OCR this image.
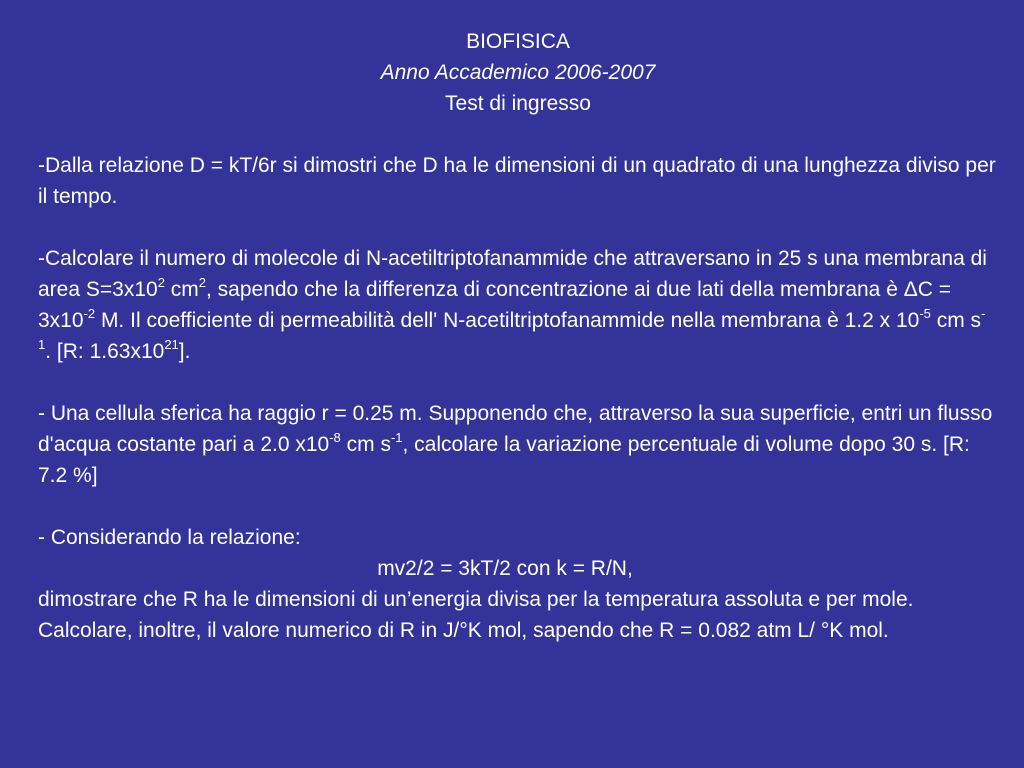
BIOFISICA
Anno Accademico 2006-2007
Test di ingresso

-Dalla relazione D = kT/6r si dimostri che D ha le dimensioni di un quadrato di una lunghezza diviso per il tempo.

-Calcolare il numero di molecole di N-acetiltriptofanammide che attraversano in 25 s una membrana di area $S=3x10^2$ $cm^2$, sapendo che la differenza di concentrazione ai due lati della membrana è $\Delta C = 3x10^{-2}$ M. Il coefficiente di permeabilità dell' N-acetiltriptofanammide nella membrana è 1.2 x $10^{-5}$ cm $s^{-1}$. [R: $1.63x10^{21}$].

- Una cellula sferica ha raggio r = 0.25 m. Supponendo che, attraverso la sua superficie, entri un flusso d'acqua costante pari a 2.0 $x10^{-8}$ cm $s^{-1}$, calcolare la variazione percentuale di volume dopo 30 s. [R: 7.2 %]

- Considerando la relazione:

mv2/2 = 3kT/2 con k = R/N,

dimostrare che R ha le dimensioni di un’energia divisa per la temperatura assoluta e per mole.

Calcolare, inoltre, il valore numerico di R in J/°K mol, sapendo che R = 0.082 atm L/ °K mol.
